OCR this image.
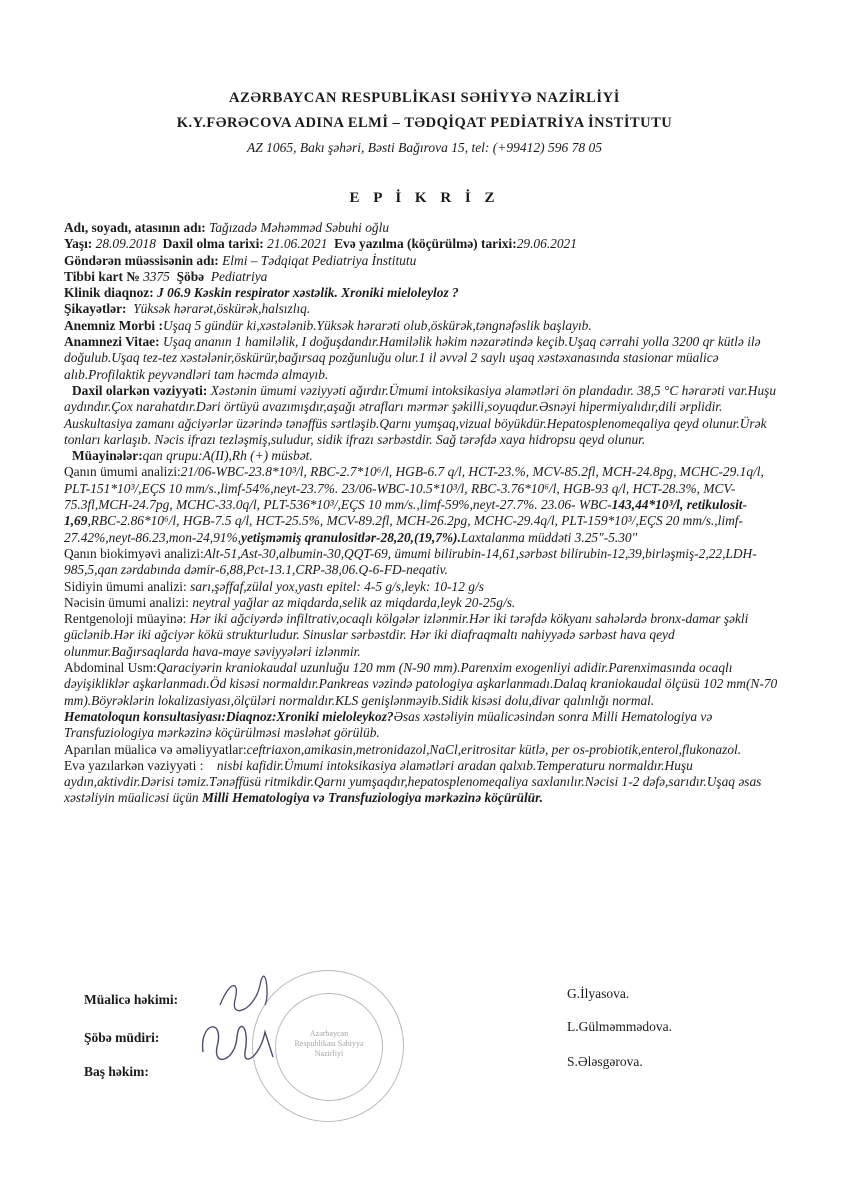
AZƏRBAYCAN RESPUBLİKASI SƏHİYYƏ NAZİRLİYİ
K.Y.FƏRƏCOVA ADINA ELMİ – TƏDQİQAT PEDİATRİYA İNSTİTUTU
AZ 1065, Bakı şəhəri, Bəsti Bağırova 15, tel: (+99412) 596 78 05
E P İ K R İ Z

Adı, soyadı, atasının adı: Tağızadə Məhəmməd Səbuhi oğlu

Yaşı: 28.09.2018 Daxil olma tarixi: 21.06.2021 Evə yazılma (köçürülmə) tarixi:29.06.2021

Göndərən müəssisənin adı: Elmi – Tədqiqat Pediatriya İnstitutu

Tibbi kart № 3375 Şöbə Pediatriya

Klinik diaqnoz: J 06.9 Kəskin respirator xəstəlik. Xroniki mieloleyloz ?

Şikayətlər: Yüksək hərarət,öskürək,halsızlıq.

Anemniz Morbi :Uşaq 5 gündür ki,xəstələnib.Yüksək hərarəti olub,öskürək,təngnəfəslik başlayıb.

Anamnezi Vitae: Uşaq ananın 1 hamiləlik, I doğuşdandır.Hamiləlik həkim nəzarətində keçib.Uşaq cərrahi yolla 3200 qr kütlə ilə doğulub.Uşaq tez-tez xəstələnir,öskürür,bağırsaq pozğunluğu olur.1 il əvvəl 2 saylı uşaq xəstəxanasında stasionar müalicə alıb.Profilaktik peyvəndləri tam həcmdə almayıb.

Daxil olarkən vəziyyəti: Xəstənin ümumi vəziyyəti ağırdır.Ümumi intoksikasiya əlamətləri ön plandadır. 38,5 °C hərarəti var.Huşu aydındır.Çox narahatdır.Dəri örtüyü avazımışdır,aşağı ətrafları mərmər şəkilli,soyuqdur.Əsnəyi hipermiyalıdır,dili ərplidir. Auskultasiya zamanı ağciyərlər üzərində tənəffüs sərtləşib.Qarnı yumşaq,vizual böyükdür.Hepatosplenomeqaliya qeyd olunur.Ürək tonları karlaşıb. Nəcis ifrazı tezləşmiş,suludur, sidik ifrazı sərbəstdir. Sağ tərəfdə xaya hidropsu qeyd olunur.

Müayinələr:qan qrupu:A(II),Rh (+) müsbət.

Qanın ümumi analizi:21/06-WBC-23.8*10³/l, RBC-2.7*10⁶/l, HGB-6.7 q/l, HCT-23.%, MCV-85.2fl, MCH-24.8pg, MCHC-29.1q/l, PLT-151*10³/,EÇS 10 mm/s.,limf-54%,neyt-23.7%. 23/06-WBC-10.5*10³/l, RBC-3.76*10⁶/l, HGB-93 q/l, HCT-28.3%, MCV-75.3fl,MCH-24.7pg, MCHC-33.0q/l, PLT-536*10³/,EÇS 10 mm/s.,limf-59%,neyt-27.7%. 23.06- WBC-143,44*10³/l, retikulosit-1,69,RBC-2.86*10⁶/l, HGB-7.5 q/l, HCT-25.5%, MCV-89.2fl, MCH-26.2pg, MCHC-29.4q/l, PLT-159*10³/,EÇS 20 mm/s.,limf-27.42%,neyt-86.23,mon-24,91%,yetişməmiş qranulositlər-28,20,(19,7%).Laxtalanma müddəti 3.25"-5.30"

Qanın biokimyəvi analizi:Alt-51,Ast-30,albumin-30,QQT-69, ümumi bilirubin-14,61,sərbəst bilirubin-12,39,birləşmiş-2,22,LDH-985,5,qan zərdabında dəmir-6,88,Pct-13.1,CRP-38,06.Q-6-FD-neqativ.

Sidiyin ümumi analizi: sarı,şəffaf,zülal yox,yastı epitel: 4-5 g/s,leyk: 10-12 g/s

Nəcisin ümumi analizi: neytral yağlar az miqdarda,selik az miqdarda,leyk 20-25g/s.

Rentgenoloji müayinə: Hər iki ağciyərdə infiltrativ,ocaqlı kölgələr izlənmir.Hər iki tərəfdə kökyanı sahələrdə bronx-damar şəkli güclənib.Hər iki ağciyər kökü strukturludur. Sinuslar sərbəstdir. Hər iki diafraqmaltı nahiyyədə sərbəst hava qeyd olunmur.Bağırsaqlarda hava-maye səviyyələri izlənmir.

Abdominal Usm:Qaraciyərin kraniokaudal uzunluğu 120 mm (N-90 mm).Parenxim exogenliyi adidir.Parenximasında ocaqlı dəyişikliklər aşkarlanmadı.Öd kisəsi normaldır.Pankreas vəzində patologiya aşkarlanmadı.Dalaq kraniokaudal ölçüsü 102 mm(N-70 mm).Böyrəklərin lokalizasiyası,ölçüləri normaldır.KLS genişlənməyib.Sidik kisəsi dolu,divar qalınlığı normal.

Hematoloqun konsultasiyası:Diaqnoz:Xroniki mieloleykoz?Əsas xəstəliyin müalicəsindən sonra Milli Hematologiya və Transfuziologiya mərkəzinə köçürülməsi məsləhət görülüb.

Aparılan müalicə və əməliyyatlar:ceftriaxon,amikasin,metronidazol,NaCl,eritrositar kütlə, per os-probiotik,enterol,flukonazol.

Evə yazılarkən vəziyyəti : nisbi kafidir.Ümumi intoksikasiya əlamətləri aradan qalxıb.Temperaturu normaldır.Huşu aydın,aktivdir.Dərisi təmiz.Tənəffüsü ritmikdir.Qarnı yumşaqdır,hepatosplenomeqaliya saxlanılır.Nəcisi 1-2 dəfə,sarıdır.Uşaq əsas xəstəliyin müalicəsi üçün Milli Hematologiya və Transfuziologiya mərkəzinə köçürülür.

Azərbaycan Respublikası Səhiyyə Nazirliyi
Müalicə həkimi:
Şöbə müdiri:
Baş həkim:
G.İlyasova.
L.Gülməmmədova.
S.Ələsgərova.
